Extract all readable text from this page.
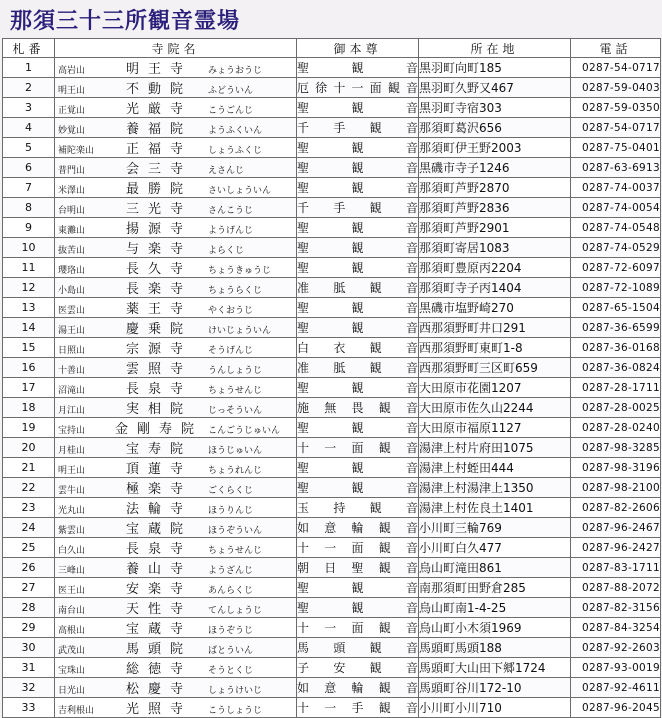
那須三十三所観音霊場
札番	寺院名	御本尊	所在地	電話
1	高岩山 明王寺 みょうおうじ	聖観音	黒羽町向町185	0287-54-0717
2	明王山 不動院 ふどういん	厄徐十一面観音	黒羽町久野又467	0287-59-0403
3	正覚山 光厳寺 こうごんじ	聖観音	黒羽町寺宿303	0287-59-0350
4	妙覚山 養福院 ようふくいん	千手観音	那須町葛沢656	0287-54-0717
5	補陀楽山 正福寺 しょうふくじ	聖観音	那須町伊王野2003	0287-75-0401
6	普門山 会三寺 えさんじ	聖観音	黒磯市寺子1246	0287-63-6913
7	米澤山 最勝院 さいしょういん	聖観音	那須町芦野2870	0287-74-0037
8	台明山 三光寺 さんこうじ	千手観音	那須町芦野2836	0287-74-0054
9	東灘山 揚源寺 ようげんじ	聖観音	那須町芦野2901	0287-74-0548
10	抜苦山 与楽寺 よらくじ	聖観音	那須町寄居1083	0287-74-0529
11	瓔珞山 長久寺 ちょうきゅうじ	聖観音	那須町豊原丙2204	0287-72-6097
12	小島山 長楽寺 ちょうらくじ	准胝観音	那須町寺子丙1404	0287-72-1089
13	医雲山 薬王寺 やくおうじ	聖観音	黒磯市塩野崎270	0287-65-1504
14	湯王山 慶乗院 けいじょういん	聖観音	西那須野町井口291	0287-36-6599
15	日照山 宗源寺 そうげんじ	白衣観音	西那須野町東町1-8	0287-36-0168
16	十善山 雲照寺 うんしょうじ	准胝観音	西那須野町三区町659	0287-36-0824
17	沼滝山 長泉寺 ちょうせんじ	聖観音	大田原市花園1207	0287-28-1711
18	月江山 実相院 じっそういん	施無畏観音	大田原市佐久山2244	0287-28-0025
19	宝持山 金剛寿院 こんごうじゅいん	聖観音	大田原市福原1127	0287-28-0240
20	月桂山 宝寿院 ほうじゅいん	十一面観音	湯津上村片府田1075	0287-98-3285
21	明王山 頂蓮寺 ちょうれんじ	聖観音	湯津上村蛭田444	0287-98-3196
22	雲牛山 極楽寺 ごくらくじ	聖観音	湯津上村湯津上1350	0287-98-2100
23	光丸山 法輪寺 ほうりんじ	玉持観音	湯津上村佐良土1401	0287-82-2606
24	紫雲山 宝蔵院 ほうぞういん	如意輪観音	小川町三輪769	0287-96-2467
25	白久山 長泉寺 ちょうせんじ	十一面観音	小川町白久477	0287-96-2427
26	三峰山 養山寺 ようざんじ	朝日聖観音	烏山町滝田861	0287-83-1711
27	医王山 安楽寺 あんらくじ	聖観音	南那須町田野倉285	0287-88-2072
28	南台山 天性寺 てんしょうじ	聖観音	烏山町南1-4-25	0287-82-3156
29	高根山 宝蔵寺 ほうぞうじ	十一面観音	烏山町小木須1969	0287-84-3254
30	武茂山 馬頭院 ばとういん	馬頭観音	馬頭町馬頭188	0287-92-2603
31	宝珠山 総徳寺 そうとくじ	子安観音	馬頭町大山田下郷1724	0287-93-0019
32	日光山 松慶寺 しょうけいじ	如意輪観音	馬頭町谷川172-10	0287-92-4611
33	吉利根山 光照寺 こうしょうじ	十一手観音	小川町小川710	0287-96-2045
